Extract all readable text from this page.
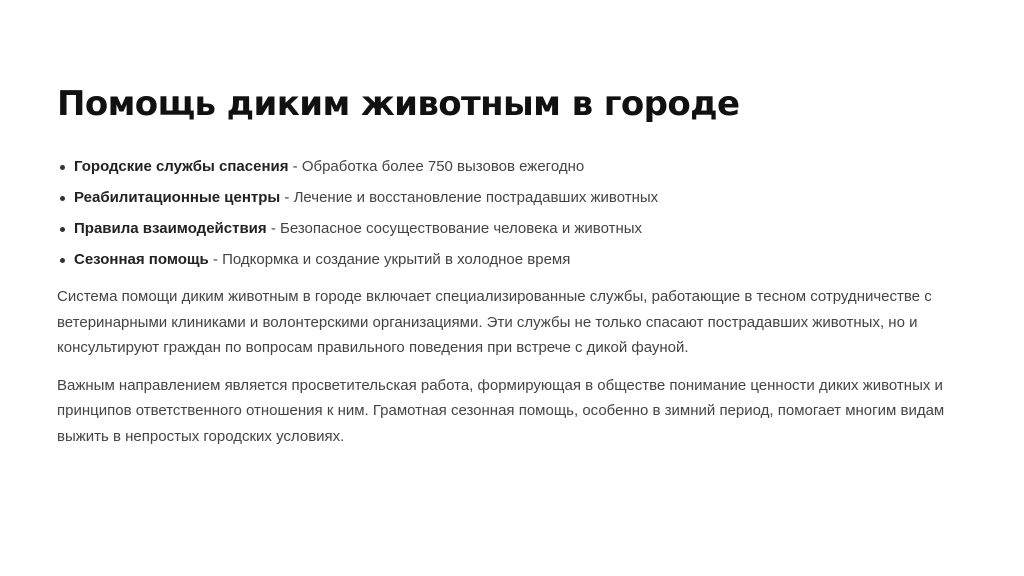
Помощь диким животным в городе
Городские службы спасения - Обработка более 750 вызовов ежегодно
Реабилитационные центры - Лечение и восстановление пострадавших животных
Правила взаимодействия - Безопасное сосуществование человека и животных
Сезонная помощь - Подкормка и создание укрытий в холодное время

Система помощи диким животным в городе включает специализированные службы, работающие в тесном сотрудничестве с ветеринарными клиниками и волонтерскими организациями. Эти службы не только спасают пострадавших животных, но и консультируют граждан по вопросам правильного поведения при встрече с дикой фауной.

Важным направлением является просветительская работа, формирующая в обществе понимание ценности диких животных и принципов ответственного отношения к ним. Грамотная сезонная помощь, особенно в зимний период, помогает многим видам выжить в непростых городских условиях.
